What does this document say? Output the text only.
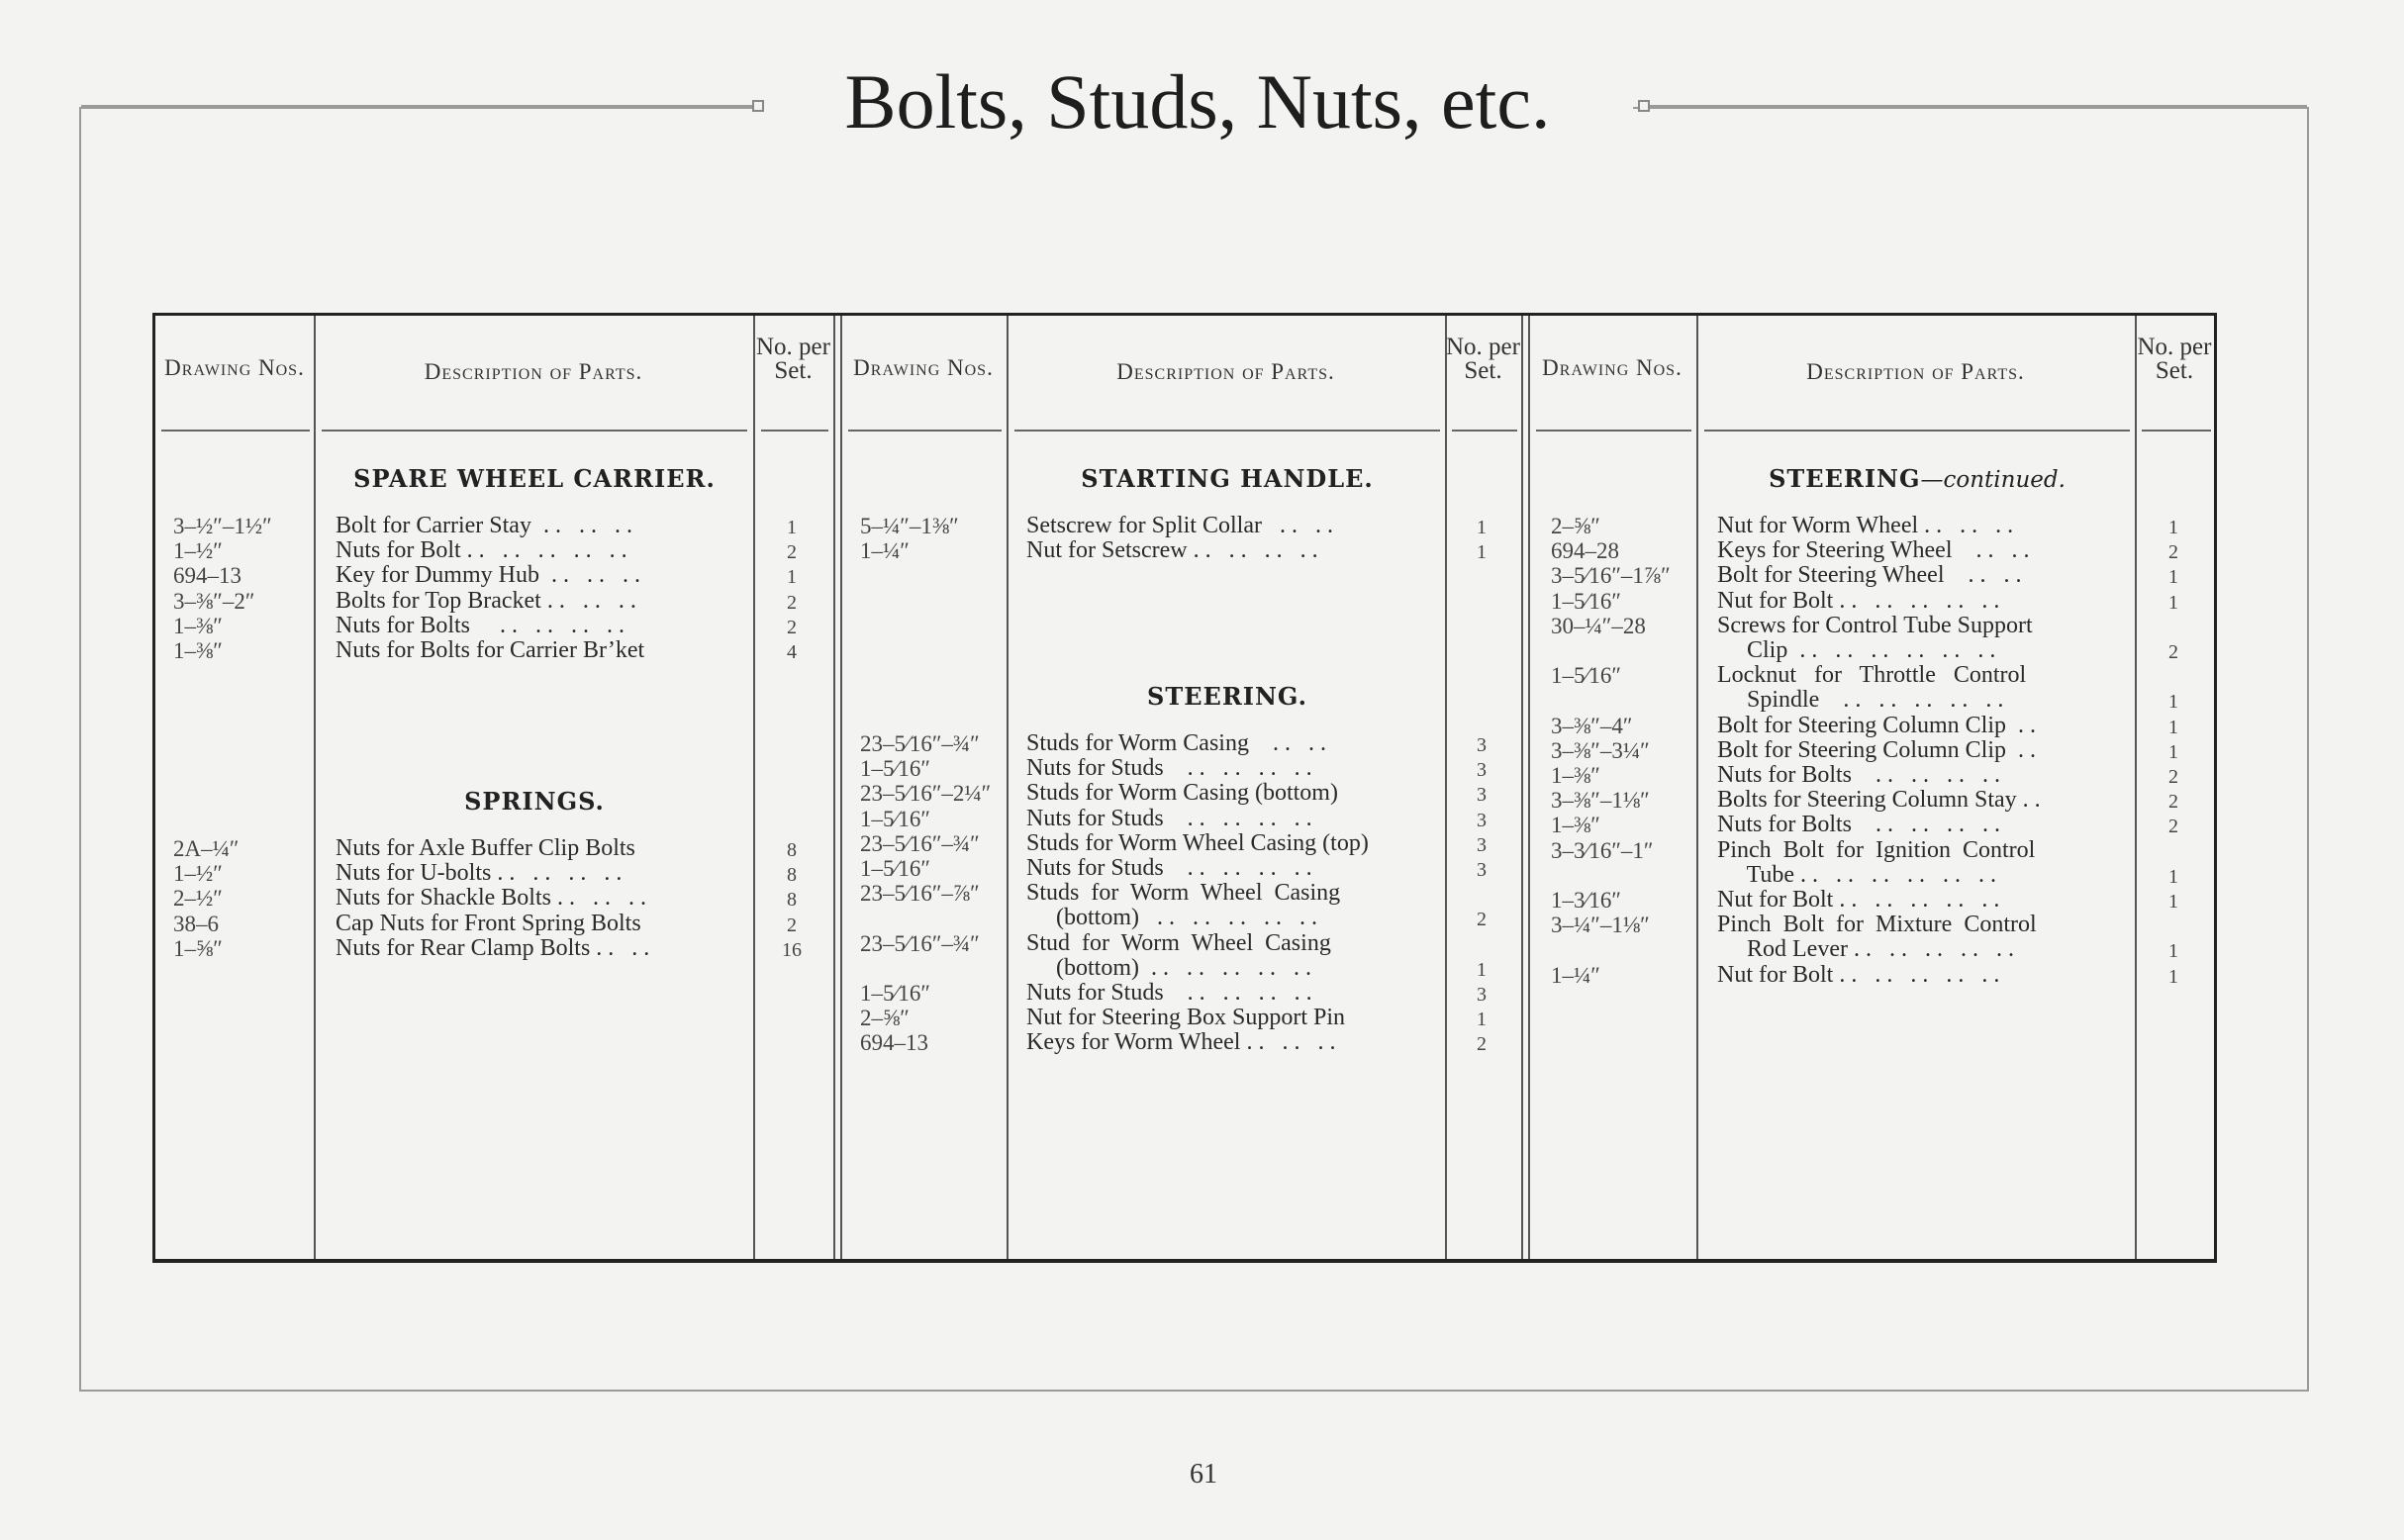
Bolts, Studs, Nuts, etc.
Drawing Nos.	Description of Parts.
No. per Set.	Drawing Nos.	Description of Parts.
No. per Set.	Drawing Nos.	Description of Parts.
No. per Set.
SPARE WHEEL CARRIER.
3–½″–1½″	Bolt for Carrier Stay  . .   . .   . .	1
1–½″	Nuts for Bolt . .   . .   . .   . .   . .	2
694–13	Key for Dummy Hub  . .   . .   . .	1
3–⅜″–2″	Bolts for Top Bracket . .   . .   . .	2
1–⅜″	Nuts for Bolts     . .   . .   . .   . .	2
1–⅜″	Nuts for Bolts for Carrier Br’ket	4
SPRINGS.
2A–¼″	Nuts for Axle Buffer Clip Bolts	8
1–½″	Nuts for U-bolts . .   . .   . .   . .	8
2–½″	Nuts for Shackle Bolts . .   . .   . .	8
38–6	Cap Nuts for Front Spring Bolts	2
1–⅝″	Nuts for Rear Clamp Bolts . .   . .	16
STARTING HANDLE.
5–¼″–1⅜″	Setscrew for Split Collar   . .   . .	1
1–¼″	Nut for Setscrew . .   . .   . .   . .	1
STEERING.
23–5⁄16″–¾″ Studs for Worm Casing    . .   . .	3
1–5⁄16″	Nuts for Studs    . .   . .   . .   . .	3
23–5⁄16″–2¼″ Studs for Worm Casing (bottom)	3
1–5⁄16″	Nuts for Studs    . .   . .   . .   . .	3
23–5⁄16″–¾″ Studs for Worm Wheel Casing (top)	3
1–5⁄16″	Nuts for Studs    . .   . .   . .   . .	3
23–5⁄16″–⅞″ Studs  for  Worm  Wheel  Casing
(bottom)   . .   . .   . .   . .   . .	2
23–5⁄16″–¾″ Stud  for  Worm  Wheel  Casing
(bottom)  . .   . .   . .   . .   . .	1
1–5⁄16″	Nuts for Studs    . .   . .   . .   . .	3
2–⅝″	Nut for Steering Box Support Pin	1
694–13	Keys for Worm Wheel . .   . .   . .	2
STEERING—continued.
2–⅝″	Nut for Worm Wheel . .   . .   . .	1
694–28	Keys for Steering Wheel    . .   . .	2
3–5⁄16″–1⅞″ Bolt for Steering Wheel    . .   . .	1
1–5⁄16″	Nut for Bolt . .   . .   . .   . .   . .	1
30–¼″–28	Screws for Control Tube Support
Clip  . .   . .   . .   . .   . .   . .	2
1–5⁄16″	Locknut   for   Throttle   Control
Spindle    . .   . .   . .   . .   . .	1
3–⅜″–4″	Bolt for Steering Column Clip  . .	1
3–⅜″–3¼″	Bolt for Steering Column Clip  . .	1
1–⅜″	Nuts for Bolts    . .   . .   . .   . .	2
3–⅜″–1⅛″	Bolts for Steering Column Stay . .	2
1–⅜″	Nuts for Bolts    . .   . .   . .   . .	2
3–3⁄16″–1″	Pinch  Bolt  for  Ignition  Control
Tube . .   . .   . .   . .   . .   . .	1
1–3⁄16″	Nut for Bolt . .   . .   . .   . .   . .	1
3–¼″–1⅛″	Pinch  Bolt  for  Mixture  Control
Rod Lever . .   . .   . .   . .   . .	1
1–¼″	Nut for Bolt . .   . .   . .   . .   . .	1
61
